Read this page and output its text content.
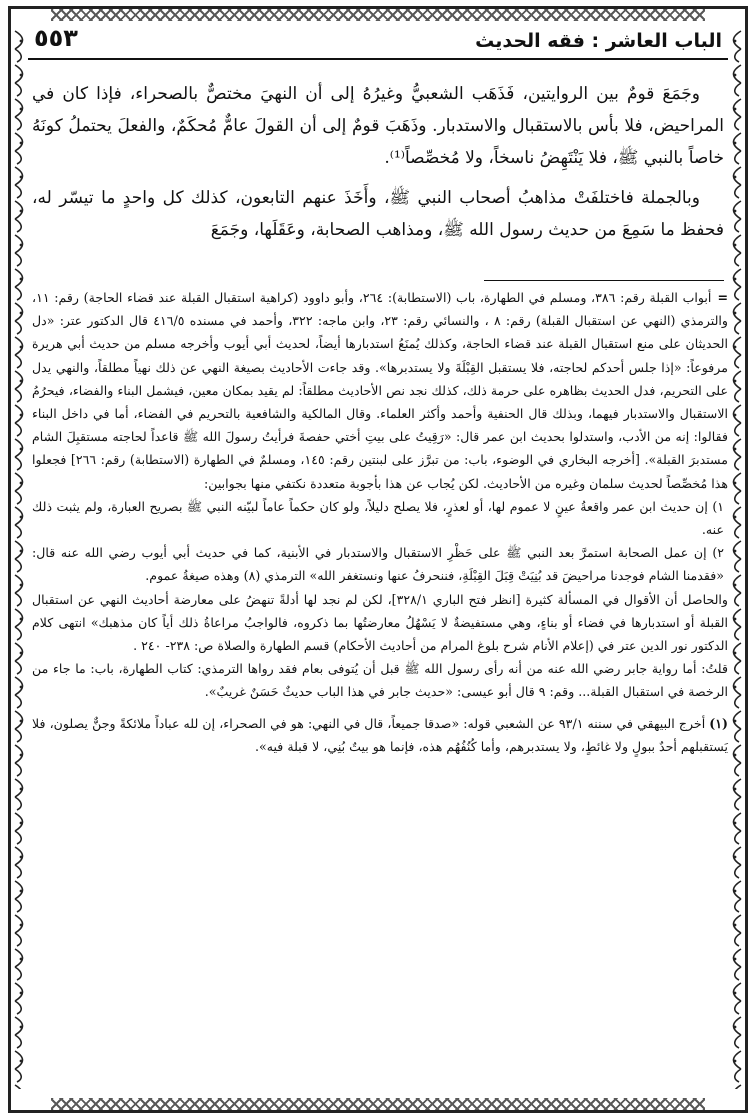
الباب العاشر : فقه الحديث
٥٥٣

وجَمَعَ قومٌ بين الروايتين، فَذَهَب الشعبيُّ وغيرُهُ إلى أن النهيَ مختصٌّ بالصحراء، فإذا كان في المراحيض، فلا بأس بالاستقبال والاستدبار. وذَهَبَ قومٌ إلى أن القولَ عامٌّ مُحكَمٌ، والفعلَ يحتملُ كونَهُ خاصاً بالنبي ﷺ، فلا يَنْتَهِضُ ناسخاً، ولا مُخصِّصاً⁽¹⁾.

وبالجملة فاختلفَتْ مذاهبُ أصحاب النبي ﷺ، وأَخَذَ عنهم التابعون، كذلك كل واحدٍ ما تيسّر له، فحفظ ما سَمِعَ من حديث رسول الله ﷺ، ومذاهب الصحابة، وعَقَلَها، وجَمَعَ

=أبواب القبلة رقم: ٣٨٦، ومسلم في الطهارة، باب (الاستطابة): ٢٦٤، وأبو داوود (كراهية استقبال القبلة عند قضاء الحاجة) رقم: ١١، والترمذي (النهي عن استقبال القبلة) رقم: ٨ ، والنسائي رقم: ٢٣، وابن ماجه: ٣٢٢، وأحمد في مسنده ٤١٦/٥ قال الدكتور عتر: «دل الحديثان على منع استقبال القبلة عند قضاء الحاجة، وكذلك يُمنَعُ استدبارها أيضاً، لحديث أبي أيوب وأخرجه مسلم من حديث أبي هريرة مرفوعاً: «إذا جلس أحدكم لحاجته، فلا يستقبل القِبْلَةَ ولا يستدبرها». وقد جاءت الأحاديث بصيغة النهي عن ذلك نهياً مطلقاً، والنهي يدل على التحريم، فدل الحديث بظاهره على حرمة ذلك، كذلك نجد نص الأحاديث مطلقاً: لم يقيد بمكان معين، فيشمل البناء والفضاء، فيحرُمُ الاستقبال والاستدبار فيهما، وبذلك قال الحنفية وأحمد وأكثر العلماء. وقال المالكية والشافعية بالتحريم في الفضاء، أما في داخل البناء فقالوا: إنه من الأدب، واستدلوا بحديث ابن عمر قال: «رَقِيتُ على بيتِ أختي حفصةَ فرأيتُ رسولَ الله ﷺ قاعداً لحاجته مستقبِلَ الشام مستدبرَ القبلة». [أخرجه البخاري في الوضوء، باب: من تبرَّز على لبنتين رقم: ١٤٥، ومسلمٌ في الطهارة (الاستطابة) رقم: ٢٦٦] فجعلوا هذا مُخصِّصاً لحديث سلمان وغيره من الأحاديث. لكن يُجاب عن هذا بأجوبة متعددة نكتفي منها بجوابين:

١) إن حديث ابن عمر واقعةُ عينٍ لا عموم لها، أو لعذرٍ، فلا يصلح دليلاً، ولو كان حكماً عاماً لبيّنه النبي ﷺ بصريح العبارة، ولم يثبت ذلك عنه.

٢) إن عمل الصحابة استمرَّ بعد النبي ﷺ على حَظْرِ الاستقبال والاستدبار في الأبنية، كما في حديث أبي أيوب رضي الله عنه قال: «فقدمنا الشام فوجدنا مراحيضَ قد بُنِيَتْ قِبَلَ القِبْلَةِ، فننحرفُ عنها ونستغفر الله» الترمذي (٨) وهذه صيغةُ عموم.

والحاصل أن الأقوال في المسألة كثيرة [انظر فتح الباري ٣٢٨/١]، لكن لم نجد لها أدلةً تنهضُ على معارضة أحاديث النهي عن استقبال القبلة أو استدبارها في فضاء أو بناءٍ، وهي مستفيضةٌ لا يَسْهُلُ معارضتُها بما ذكروه، فالواجبُ مراعاةُ ذلك أياً كان مذهبك» انتهى كلام الدكتور نور الدين عتر في (إعلام الأنام شرح بلوغ المرام من أحاديث الأحكام) قسم الطهارة والصلاة ص: ٢٣٨- ٢٤٠ .

قلتُ: أما رواية جابر رضي الله عنه من أنه رأى رسول الله ﷺ قبل أن يُتوفى بعام فقد رواها الترمذي: كتاب الطهارة، باب: ما جاء من الرخصة في استقبال القبلة... وقم: ٩ قال أبو عيسى: «حديث جابر في هذا الباب حديثٌ حَسَنٌ غريبٌ».

(١) أخرج البيهقي في سننه ٩٣/١ عن الشعبي قوله: «صدقا جميعاً، قال في النهي: هو في الصحراء، إن لله عباداً ملائكةً وجنٌّ يصلون، فلا يَستقبلهم أحدٌ ببولٍ ولا غائطٍ، ولا يستدبرهم، وأما كُنُفُهُم هذه، فإنما هو بيتٌ بُنِي، لا قبلة فيه».
